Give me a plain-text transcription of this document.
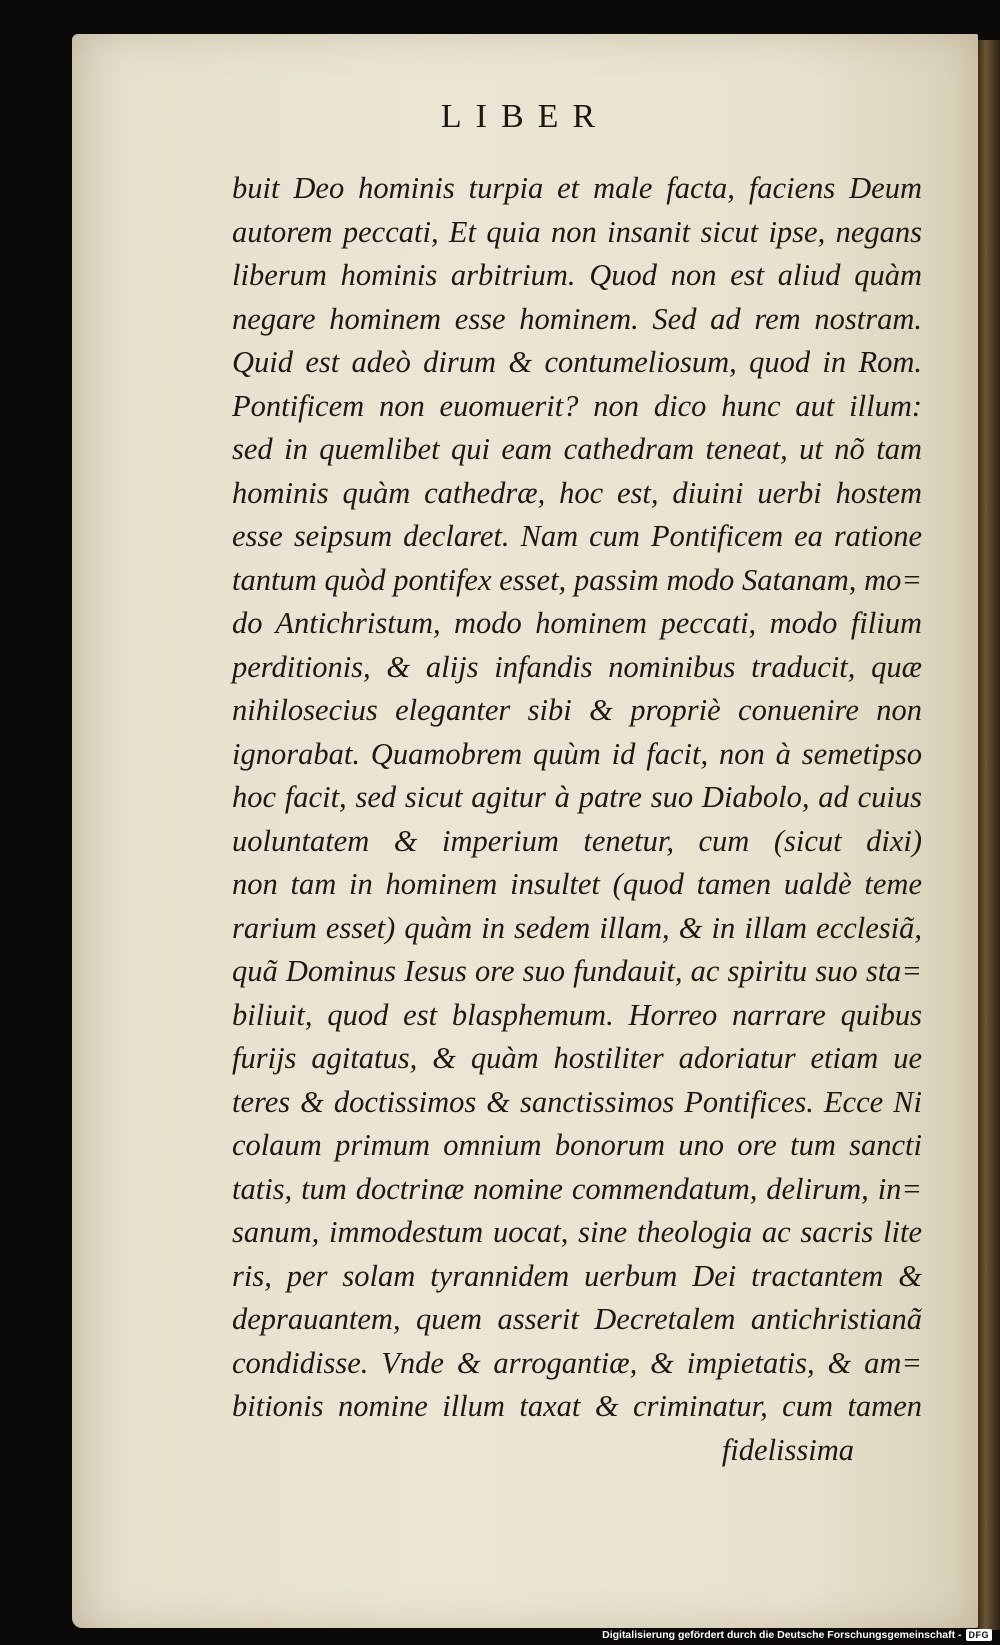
LIBER
buit Deo hominis turpia et male facta, faciens Deum
autorem peccati, Et quia non insanit sicut ipse, negans
liberum hominis arbitrium. Quod non est aliud quàm
negare hominem esse hominem. Sed ad rem nostram.
Quid est adeò dirum & contumeliosum, quod in Rom.
Pontificem non euomuerit? non dico hunc aut illum:
sed in quemlibet qui eam cathedram teneat, ut nõ tam
hominis quàm cathedræ, hoc est, diuini uerbi hostem
esse seipsum declaret. Nam cum Pontificem ea ratione
tantum quòd pontifex esset, passim modo Satanam, mo=
do Antichristum, modo hominem peccati, modo filium
perditionis, & alijs infandis nominibus traducit, quæ
nihilosecius eleganter sibi & propriè conuenire non
ignorabat. Quamobrem quùm id facit, non à semetipso
hoc facit, sed sicut agitur à patre suo Diabolo, ad cuius
uoluntatem & imperium tenetur, cum (sicut dixi)
non tam in hominem insultet (quod tamen ualdè teme
rarium esset) quàm in sedem illam, & in illam ecclesiã,
quã Dominus Iesus ore suo fundauit, ac spiritu suo sta=
biliuit, quod est blasphemum. Horreo narrare quibus
furijs agitatus, & quàm hostiliter adoriatur etiam ue
teres & doctissimos & sanctissimos Pontifices. Ecce Ni
colaum primum omnium bonorum uno ore tum sancti
tatis, tum doctrinæ nomine commendatum, delirum, in=
sanum, immodestum uocat, sine theologia ac sacris lite
ris, per solam tyrannidem uerbum Dei tractantem &
deprauantem, quem asserit Decretalem antichristianã
condidisse. Vnde & arrogantiæ, & impietatis, & am=
bitionis nomine illum taxat & criminatur, cum tamen
fidelissima
Digitalisierung gefördert durch die Deutsche Forschungsgemeinschaft - DFG
